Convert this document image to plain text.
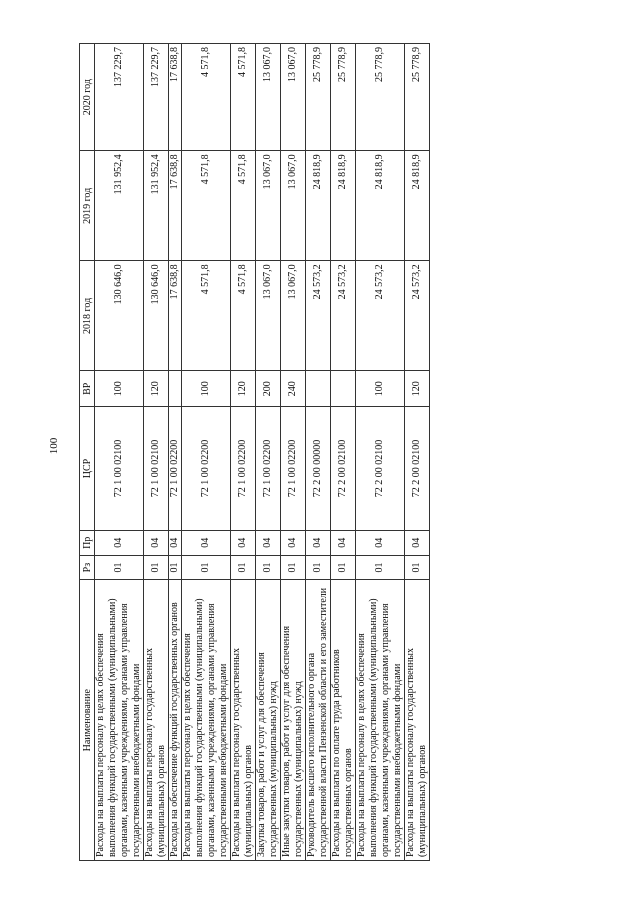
100
Наименование	Рз	Пр	ЦСР	ВР	2018 год	2019 год	2020 год
Расходы на выплаты персоналу в целях обеспечения выполнения функций государственными (муниципальными) органами, казенными учреждениями, органами управления государственными внебюджетными фондами	01	04	72 1 00 02100	100	130 646,0	131 952,4	137 229,7
Расходы на выплаты персоналу государственных (муниципальных) органов	01	04	72 1 00 02100	120	130 646,0	131 952,4	137 229,7
Расходы на обеспечение функций государственных органов	01	04	72 1 00 02200		17 638,8	17 638,8	17 638,8
Расходы на выплаты персоналу в целях обеспечения выполнения функций государственными (муниципальными) органами, казенными учреждениями, органами управления государственными внебюджетными фондами	01	04	72 1 00 02200	100	4 571,8	4 571,8	4 571,8
Расходы на выплаты персоналу государственных (муниципальных) органов	01	04	72 1 00 02200	120	4 571,8	4 571,8	4 571,8
Закупка товаров, работ и услуг для обеспечения государственных (муниципальных) нужд	01	04	72 1 00 02200	200	13 067,0	13 067,0	13 067,0
Иные закупки товаров, работ и услуг для обеспечения государственных (муниципальных) нужд	01	04	72 1 00 02200	240	13 067,0	13 067,0	13 067,0
Руководитель высшего исполнительного органа государственной власти Пензенской области и его заместители	01	04	72 2 00 00000		24 573,2	24 818,9	25 778,9
Расходы на выплаты по оплате труда работников государственных органов	01	04	72 2 00 02100		24 573,2	24 818,9	25 778,9
Расходы на выплаты персоналу в целях обеспечения выполнения функций государственными (муниципальными) органами, казенными учреждениями, органами управления государственными внебюджетными фондами	01	04	72 2 00 02100	100	24 573,2	24 818,9	25 778,9
Расходы на выплаты персоналу государственных (муниципальных) органов	01	04	72 2 00 02100	120	24 573,2	24 818,9	25 778,9
